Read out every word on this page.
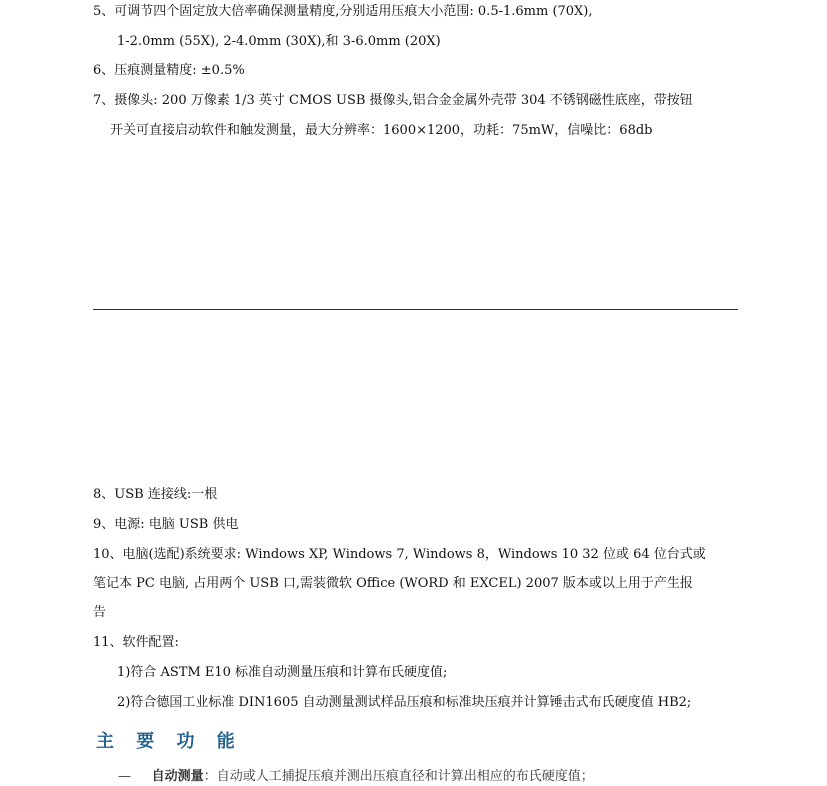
5、可调节四个固定放大倍率确保测量精度,分别适用压痕大小范围: 0.5-1.6mm (70X),
1-2.0mm (55X), 2-4.0mm (30X),和 3-6.0mm (20X)
6、压痕测量精度: ±0.5%
7、摄像头: 200 万像素 1/3 英寸 CMOS USB 摄像头,铝合金金属外壳带 304 不锈钢磁性底座，带按钮
开关可直接启动软件和触发测量，最大分辨率：1600×1200，功耗：75mW，信噪比：68db
8、USB 连接线:一根
9、电源: 电脑 USB 供电
10、电脑(选配)系统要求: Windows XP, Windows 7, Windows 8，Windows 10 32 位或 64 位台式或
笔记本 PC 电脑, 占用两个 USB 口,需装微软 Office (WORD 和 EXCEL) 2007 版本或以上用于产生报
告
11、软件配置:
1)符合 ASTM E10 标准自动测量压痕和计算布氏硬度值;
2)符合德国工业标准 DIN1605 自动测量测试样品压痕和标准块压痕并计算锤击式布氏硬度值 HB2;
主 要 功 能
— 自动测量：自动或人工捕捉压痕并测出压痕直径和计算出相应的布氏硬度值；
